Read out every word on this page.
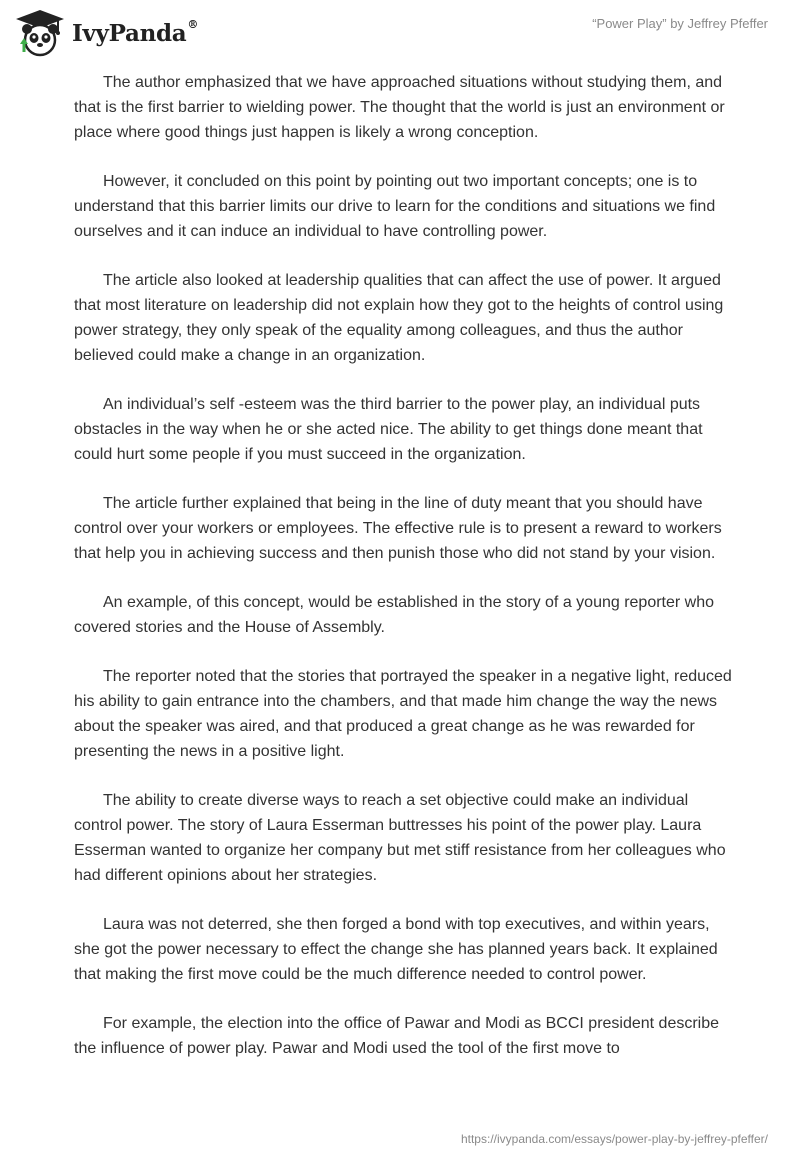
IvyPanda®	“Power Play” by Jeffrey Pfeffer

The author emphasized that we have approached situations without studying them, and that is the first barrier to wielding power. The thought that the world is just an environment or place where good things just happen is likely a wrong conception.

However, it concluded on this point by pointing out two important concepts; one is to understand that this barrier limits our drive to learn for the conditions and situations we find ourselves and it can induce an individual to have controlling power.

The article also looked at leadership qualities that can affect the use of power. It argued that most literature on leadership did not explain how they got to the heights of control using power strategy, they only speak of the equality among colleagues, and thus the author believed could make a change in an organization.

An individual’s self -esteem was the third barrier to the power play, an individual puts obstacles in the way when he or she acted nice. The ability to get things done meant that could hurt some people if you must succeed in the organization.

The article further explained that being in the line of duty meant that you should have control over your workers or employees. The effective rule is to present a reward to workers that help you in achieving success and then punish those who did not stand by your vision.

An example, of this concept, would be established in the story of a young reporter who covered stories and the House of Assembly.

The reporter noted that the stories that portrayed the speaker in a negative light, reduced his ability to gain entrance into the chambers, and that made him change the way the news about the speaker was aired, and that produced a great change as he was rewarded for presenting the news in a positive light.

The ability to create diverse ways to reach a set objective could make an individual control power. The story of Laura Esserman buttresses his point of the power play. Laura Esserman wanted to organize her company but met stiff resistance from her colleagues who had different opinions about her strategies.

Laura was not deterred, she then forged a bond with top executives, and within years, she got the power necessary to effect the change she has planned years back. It explained that making the first move could be the much difference needed to control power.

For example, the election into the office of Pawar and Modi as BCCI president describe the influence of power play. Pawar and Modi used the tool of the first move to

https://ivypanda.com/essays/power-play-by-jeffrey-pfeffer/
